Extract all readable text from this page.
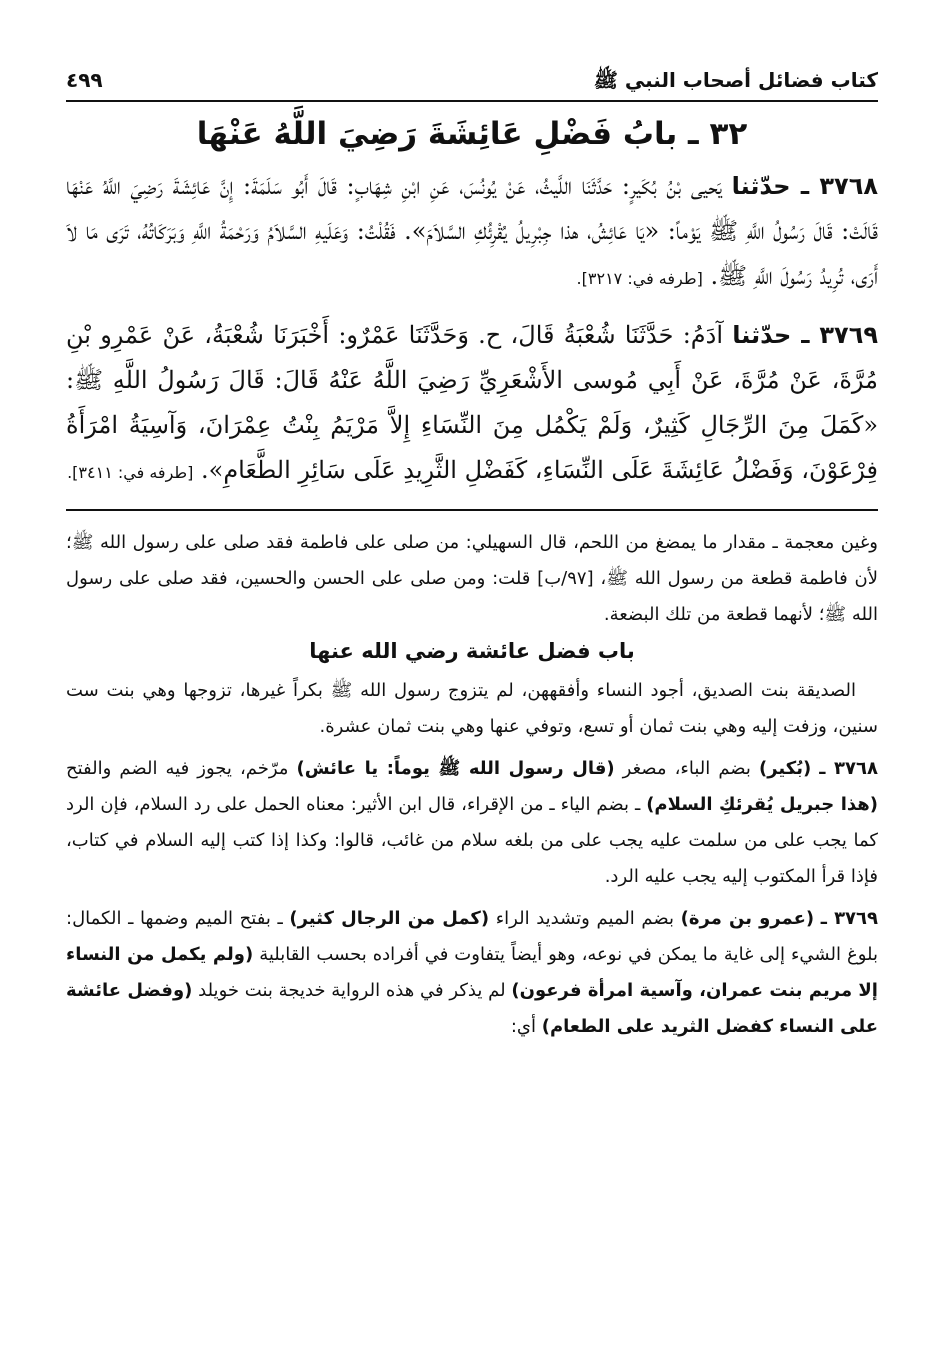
كتاب فضائل أصحاب النبي ﷺ
٤٩٩
٣٢ ـ بابُ فَضْلِ عَائِشَةَ رَضِيَ اللَّهُ عَنْهَا

٣٧٦٨ ـ حدّثنا يَحيى بْنُ بُكَيرٍ: حَدَّثَنَا اللَّيثُ، عَنْ يُونُسَ، عَنِ ابْنِ شِهَابٍ: قَالَ أَبُو سَلَمَةَ: إِنَّ عَائِشَةَ رَضِيَ اللَّهُ عَنْهَا قَالَتْ: قَالَ رَسُولُ اللَّهِ ﷺ يَوْماً: «يَا عَائِشُ، هذا جِبْرِيلُ يُقْرِئُكِ السَّلاَمَ». فَقُلْتُ: وَعَلَيهِ السَّلاَمُ وَرَحْمَةُ اللَّهِ وَبَرَكَاتُهُ، تَرَى مَا لاَ أَرَى، تُرِيدُ رَسُولَ اللَّهِ ﷺ. [طرفه في: ٣٢١٧].

٣٧٦٩ ـ حدّثنا آدَمُ: حَدَّثَنَا شُعْبَةُ قَالَ، ح. وَحَدَّثَنَا عَمْرٌو: أَخْبَرَنَا شُعْبَةُ، عَنْ عَمْرِو بْنِ مُرَّةَ، عَنْ مُرَّةَ، عَنْ أَبِي مُوسى الأَشْعَرِيِّ رَضِيَ اللَّهُ عَنْهُ قَالَ: قَالَ رَسُولُ اللَّهِ ﷺ: «كَمَلَ مِنَ الرِّجَالِ كَثِيرٌ، وَلَمْ يَكْمُل مِنَ النِّسَاءِ إِلاَّ مَرْيَمُ بِنْتُ عِمْرَانَ، وَآسِيَةُ امْرَأَةُ فِرْعَوْنَ، وَفَضْلُ عَائِشَةَ عَلَى النِّسَاءِ، كَفَضْلِ الثَّرِيدِ عَلَى سَائِرِ الطَّعَامِ». [طرفه في: ٣٤١١].

وغين معجمة ـ مقدار ما يمضغ من اللحم، قال السهيلي: من صلى على فاطمة فقد صلى على رسول الله ﷺ؛ لأن فاطمة قطعة من رسول الله ﷺ، [٩٧/ب] قلت: ومن صلى على الحسن والحسين، فقد صلى على رسول الله ﷺ؛ لأنهما قطعة من تلك البضعة.

باب فضل عائشة رضي الله عنها

الصديقة بنت الصديق، أجود النساء وأفقههن، لم يتزوج رسول الله ﷺ بكراً غيرها، تزوجها وهي بنت ست سنين، وزفت إليه وهي بنت ثمان أو تسع، وتوفي عنها وهي بنت ثمان عشرة.

٣٧٦٨ ـ (بُكير) بضم الباء، مصغر (قال رسول الله ﷺ يوماً: يا عائش) مرّخم، يجوز فيه الضم والفتح (هذا جبريل يُقرئكِ السلام) ـ بضم الياء ـ من الإقراء، قال ابن الأثير: معناه الحمل على رد السلام، فإن الرد كما يجب على من سلمت عليه يجب على من بلغه سلام من غائب، قالوا: وكذا إذا كتب إليه السلام في كتاب، فإذا قرأ المكتوب إليه يجب عليه الرد.

٣٧٦٩ ـ (عمرو بن مرة) بضم الميم وتشديد الراء (كمل من الرجال كثير) ـ بفتح الميم وضمها ـ الكمال: بلوغ الشيء إلى غاية ما يمكن في نوعه، وهو أيضاً يتفاوت في أفراده بحسب القابلية (ولم يكمل من النساء إلا مريم بنت عمران، وآسية امرأة فرعون) لم يذكر في هذه الرواية خديجة بنت خويلد (وفضل عائشة على النساء كفضل الثريد على الطعام) أي:
